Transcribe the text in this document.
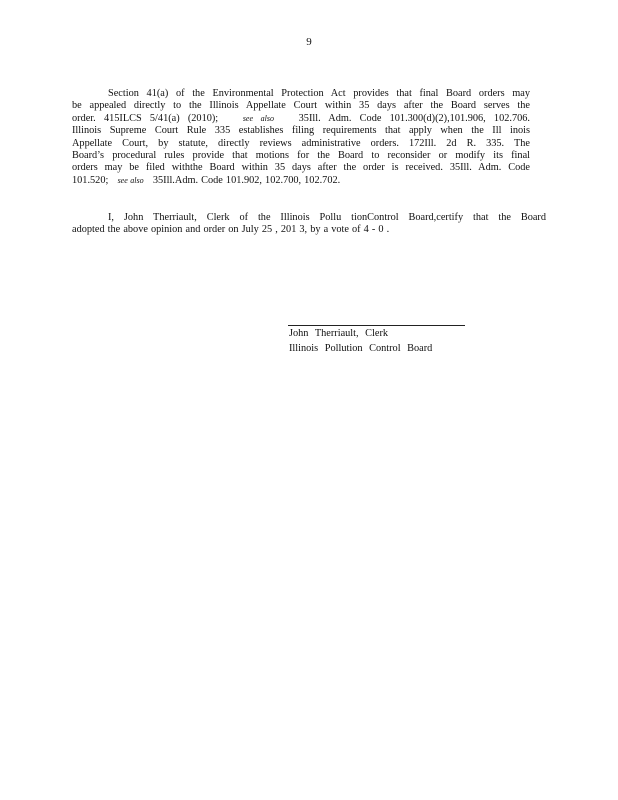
9
Section 41(a) of the Environmental Protection Act provides that final Board orders may
be appealed directly to the Illinois Appellate Court within 35 days after the Board serves the
order. 415ILCS 5/41(a) (2010);	see also 35Ill. Adm. Code 101.300(d)(2),101.906, 102.706.
Illinois Supreme Court Rule 335 establishes filing requirements that apply when the Ill inois
Appellate Court, by statute, directly reviews administrative orders. 172Ill. 2d R. 335. The
Board’s procedural rules provide that motions for the Board to reconsider or modify its final
orders may be filed withthe Board within 35 days after the order is received. 35Ill. Adm. Code
101.520; see also 35Ill.Adm. Code 101.902, 102.700, 102.702.
I, John Therriault, Clerk of the Illinois Pollu tionControl Board,certify that the Board
adopted the above opinion and order on July 25 , 201 3, by a vote of 4 - 0 .
John Therriault, Clerk
Illinois Pollution Control Board
